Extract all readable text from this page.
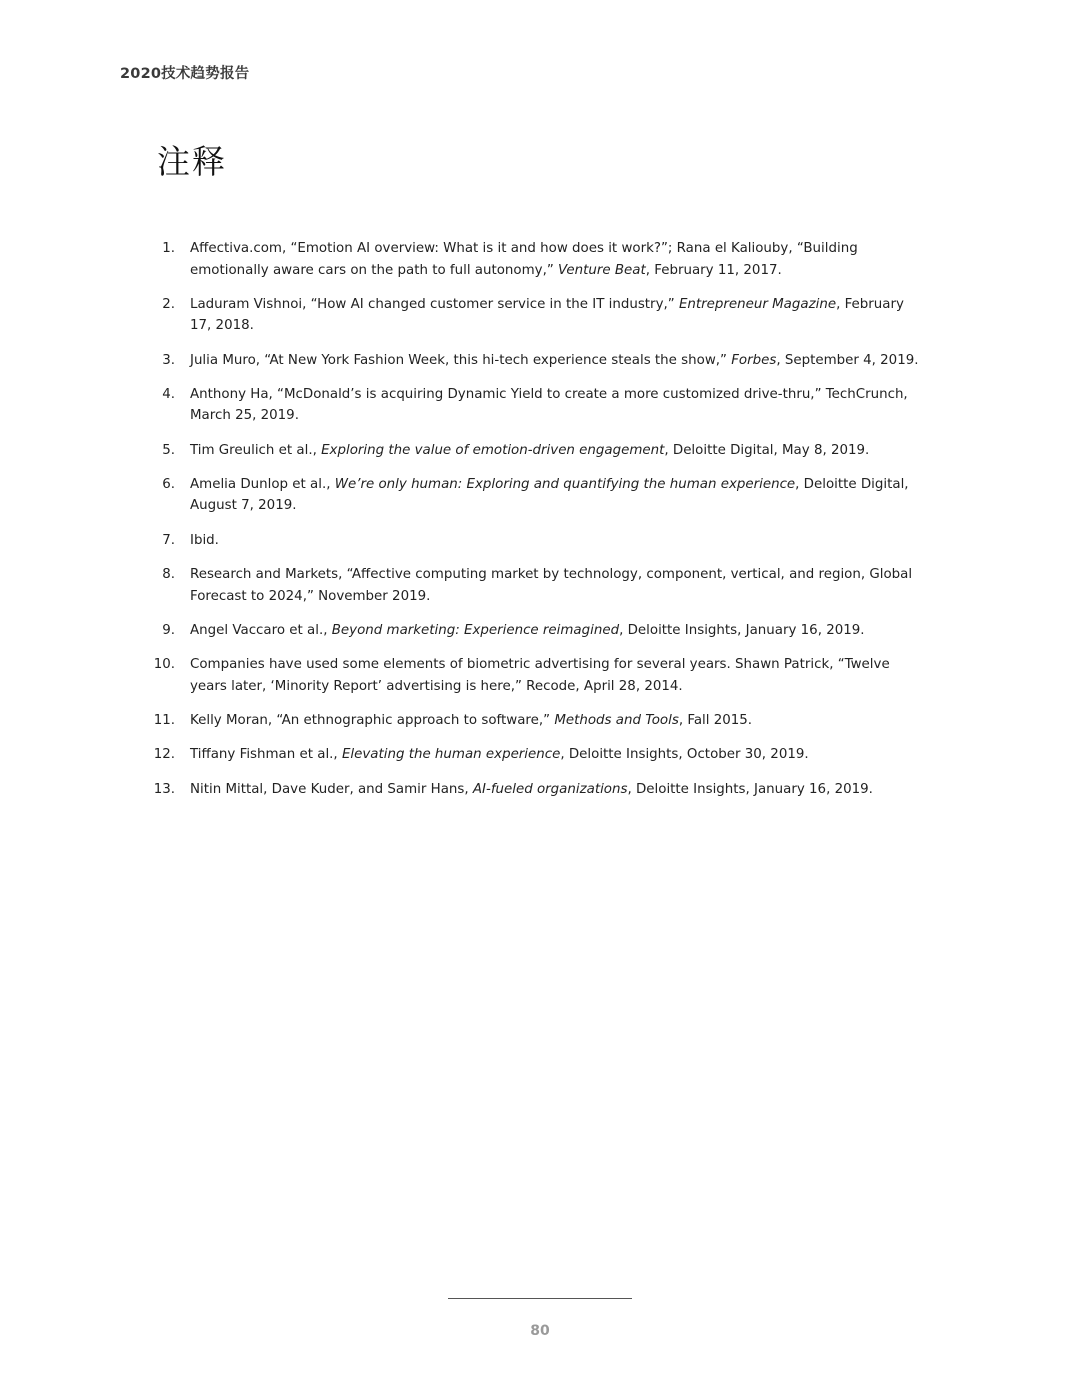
2020技术趋势报告
注释
1.	Affectiva.com, “Emotion AI overview: What is it and how does it work?”; Rana el Kaliouby, “Building emotionally aware cars on the path to full autonomy,” Venture Beat, February 11, 2017.
2.	Laduram Vishnoi, “How AI changed customer service in the IT industry,” Entrepreneur Magazine, February 17, 2018.
3.	Julia Muro, “At New York Fashion Week, this hi-tech experience steals the show,” Forbes, September 4, 2019.
4.	Anthony Ha, “McDonald’s is acquiring Dynamic Yield to create a more customized drive-thru,” TechCrunch, March 25, 2019.
5.	Tim Greulich et al., Exploring the value of emotion-driven engagement, Deloitte Digital, May 8, 2019.
6.	Amelia Dunlop et al., We’re only human: Exploring and quantifying the human experience, Deloitte Digital, August 7, 2019.
7.	Ibid.
8.	Research and Markets, “Affective computing market by technology, component, vertical, and region, Global Forecast to 2024,” November 2019.
9.	Angel Vaccaro et al., Beyond marketing: Experience reimagined, Deloitte Insights, January 16, 2019.
10.	Companies have used some elements of biometric advertising for several years. Shawn Patrick, “Twelve years later, ‘Minority Report’ advertising is here,” Recode, April 28, 2014.
11.	Kelly Moran, “An ethnographic approach to software,” Methods and Tools, Fall 2015.
12.	Tiffany Fishman et al., Elevating the human experience, Deloitte Insights, October 30, 2019.
13.	Nitin Mittal, Dave Kuder, and Samir Hans, AI-fueled organizations, Deloitte Insights, January 16, 2019.
80
